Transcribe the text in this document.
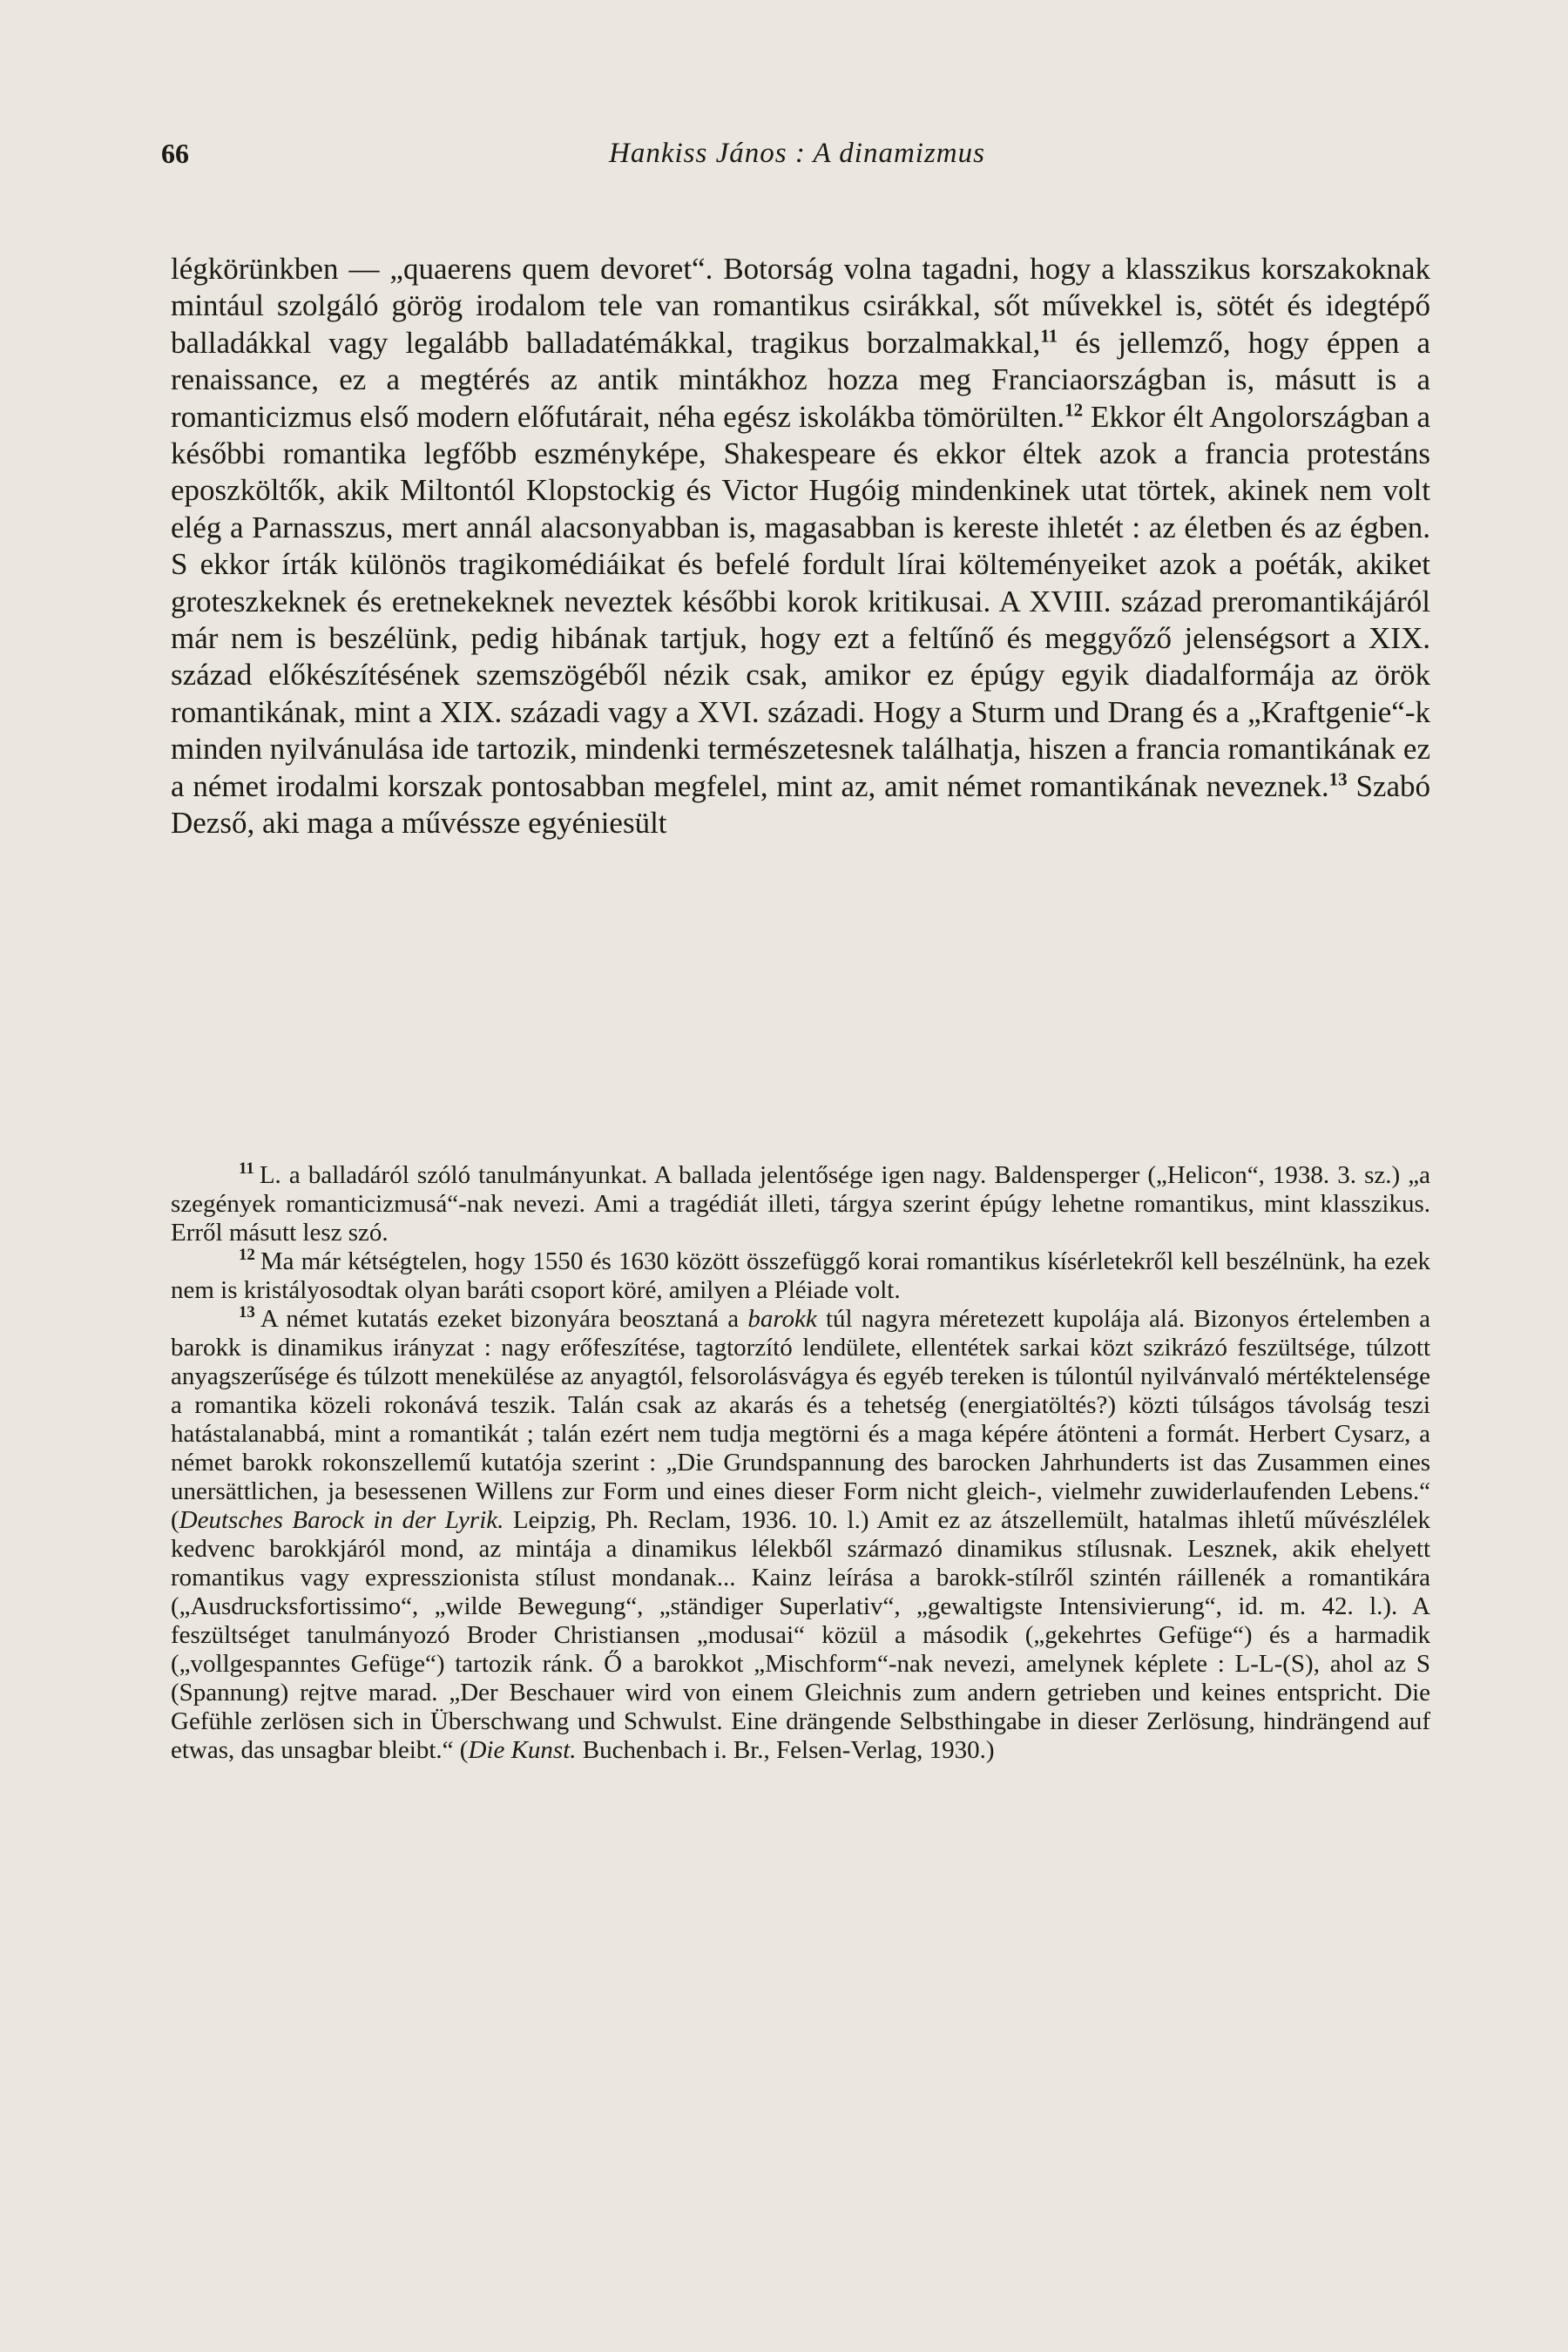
66	Hankiss János : A dinamizmus

légkörünkben — „quaerens quem devoret“. Botorság volna tagadni, hogy a klasszikus korszakoknak mintául szolgáló görög irodalom tele van romantikus csirákkal, sőt művekkel is, sötét és idegtépő balladákkal vagy legalább balladatémákkal, tragikus borzalmakkal,$^{11}$ és jellemző, hogy éppen a renaissance, ez a megtérés az antik mintákhoz hozza meg Franciaországban is, másutt is a romanticizmus első modern előfutárait, néha egész iskolákba tömörülten.$^{12}$ Ekkor élt Angolországban a későbbi romantika legfőbb eszményképe, Shakespeare és ekkor éltek azok a francia protestáns eposzköltők, akik Miltontól Klopstockig és Victor Hugóig mindenkinek utat törtek, akinek nem volt elég a Parnasszus, mert annál alacsonyabban is, magasabban is kereste ihletét : az életben és az égben. S ekkor írták különös tragikomédiáikat és befelé fordult lírai költeményeiket azok a poéták, akiket groteszkeknek és eretnekeknek neveztek későbbi korok kritikusai. A XVIII. század preromantikájáról már nem is beszélünk, pedig hibának tartjuk, hogy ezt a feltűnő és meggyőző jelenségsort a XIX. század előkészítésének szemszögéből nézik csak, amikor ez épúgy egyik diadalformája az örök romantikának, mint a XIX. századi vagy a XVI. századi. Hogy a Sturm und Drang és a „Kraftgenie“-k minden nyilvánulása ide tartozik, mindenki természetesnek találhatja, hiszen a francia romantikának ez a német irodalmi korszak pontosabban megfelel, mint az, amit német romantikának neveznek.$^{13}$ Szabó Dezső, aki maga a művéssze egyéniesült

$^{11}$ L. a balladáról szóló tanulmányunkat. A ballada jelentősége igen nagy. Baldensperger („Helicon“, 1938. 3. sz.) „a szegények romanticizmusá“-nak nevezi. Ami a tragédiát illeti, tárgya szerint épúgy lehetne romantikus, mint klasszikus. Erről másutt lesz szó.

$^{12}$ Ma már kétségtelen, hogy 1550 és 1630 között összefüggő korai romantikus kísérletekről kell beszélnünk, ha ezek nem is kristályosodtak olyan baráti csoport köré, amilyen a Pléiade volt.

$^{13}$ A német kutatás ezeket bizonyára beosztaná a barokk túl nagyra méretezett kupolája alá. Bizonyos értelemben a barokk is dinamikus irányzat : nagy erőfeszítése, tagtorzító lendülete, ellentétek sarkai közt szikrázó feszültsége, túlzott anyagszerűsége és túlzott menekülése az anyagtól, felsorolásvágya és egyéb tereken is túlontúl nyilvánvaló mértéktelensége a romantika közeli rokonává teszik. Talán csak az akarás és a tehetség (energiatöltés?) közti túlságos távolság teszi hatástalanabbá, mint a romantikát ; talán ezért nem tudja megtörni és a maga képére átönteni a formát. Herbert Cysarz, a német barokk rokonszellemű kutatója szerint : „Die Grundspannung des barocken Jahrhunderts ist das Zusammen eines unersättlichen, ja besessenen Willens zur Form und eines dieser Form nicht gleich-, vielmehr zuwiderlaufenden Lebens.“ (Deutsches Barock in der Lyrik. Leipzig, Ph. Reclam, 1936. 10. l.) Amit ez az átszellemült, hatalmas ihletű művészlélek kedvenc barokkjáról mond, az mintája a dinamikus lélekből származó dinamikus stílusnak. Lesznek, akik ehelyett romantikus vagy expresszionista stílust mondanak... Kainz leírása a barokk-stílről szintén ráillenék a romantikára („Ausdrucksfortissimo“, „wilde Bewegung“, „ständiger Superlativ“, „gewaltigste Intensivierung“, id. m. 42. l.). A feszültséget tanulmányozó Broder Christiansen „modusai“ közül a második („gekehrtes Gefüge“) és a harmadik („vollgespanntes Gefüge“) tartozik ránk. Ő a barokkot „Mischform“-nak nevezi, amelynek képlete : L-L-(S), ahol az S (Spannung) rejtve marad. „Der Beschauer wird von einem Gleichnis zum andern getrieben und keines entspricht. Die Gefühle zerlösen sich in Überschwang und Schwulst. Eine drängende Selbsthingabe in dieser Zerlösung, hindrängend auf etwas, das unsagbar bleibt.“ (Die Kunst. Buchenbach i. Br., Felsen-Verlag, 1930.)
